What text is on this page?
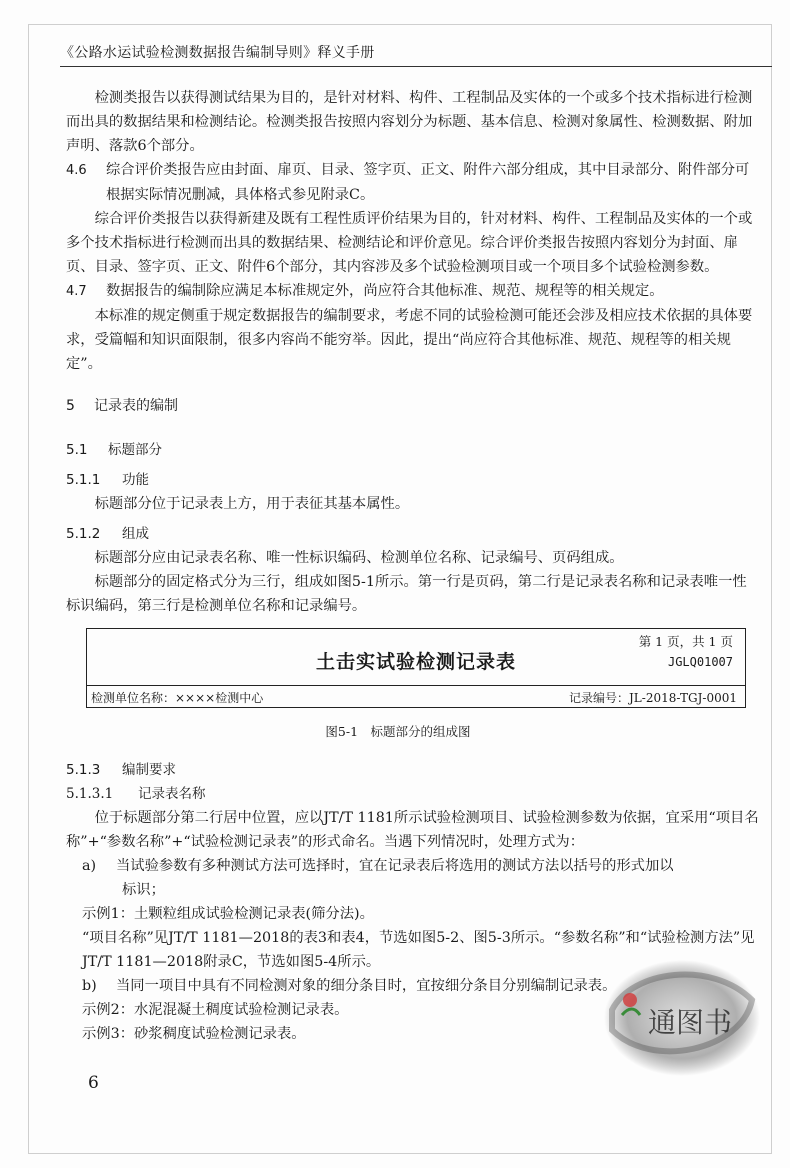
《公路水运试验检测数据报告编制导则》释义手册

检测类报告以获得测试结果为目的，是针对材料、构件、工程制品及实体的一个或多个技术指标进行检测而出具的数据结果和检测结论。检测类报告按照内容划分为标题、基本信息、检测对象属性、检测数据、附加声明、落款6个部分。

4.6 综合评价类报告应由封面、扉页、目录、签字页、正文、附件六部分组成，其中目录部分、附件部分可

根据实际情况删减，具体格式参见附录C。

综合评价类报告以获得新建及既有工程性质评价结果为目的，针对材料、构件、工程制品及实体的一个或多个技术指标进行检测而出具的数据结果、检测结论和评价意见。综合评价类报告按照内容划分为封面、扉页、目录、签字页、正文、附件6个部分，其内容涉及多个试验检测项目或一个项目多个试验检测参数。

4.7 数据报告的编制除应满足本标准规定外，尚应符合其他标准、规范、规程等的相关规定。

本标准的规定侧重于规定数据报告的编制要求，考虑不同的试验检测可能还会涉及相应技术依据的具体要求，受篇幅和知识面限制，很多内容尚不能穷举。因此，提出“尚应符合其他标准、规范、规程等的相关规定”。

5 记录表的编制

5.1 标题部分

5.1.1 功能

标题部分位于记录表上方，用于表征其基本属性。

5.1.2 组成

标题部分应由记录表名称、唯一性标识编码、检测单位名称、记录编号、页码组成。

标题部分的固定格式分为三行，组成如图5-1所示。第一行是页码，第二行是记录表名称和记录表唯一性标识编码，第三行是检测单位名称和记录编号。

第 1 页，共 1 页
土击实试验检测记录表	JGLQ01007
检测单位名称：××××检测中心	记录编号：JL-2018-TGJ-0001

图5-1　标题部分的组成图

5.1.3 编制要求

5.1.3.1 记录表名称

位于标题部分第二行居中位置，应以JT/T 1181所示试验检测项目、试验检测参数为依据，宜采用“项目名称”+“参数名称”+“试验检测记录表”的形式命名。当遇下列情况时，处理方式为：

a) 当试验参数有多种测试方法可选择时，宜在记录表后将选用的测试方法以括号的形式加以

标识；

示例1：土颗粒组成试验检测记录表(筛分法)。

“项目名称”见JT/T 1181—2018的表3和表4，节选如图5-2、图5-3所示。“参数名称”和“试验检测方法”见JT/T 1181—2018附录C，节选如图5-4所示。

b) 当同一项目中具有不同检测对象的细分条目时，宜按细分条目分别编制记录表。

示例2：水泥混凝土稠度试验检测记录表。

示例3：砂浆稠度试验检测记录表。

6
通图书
